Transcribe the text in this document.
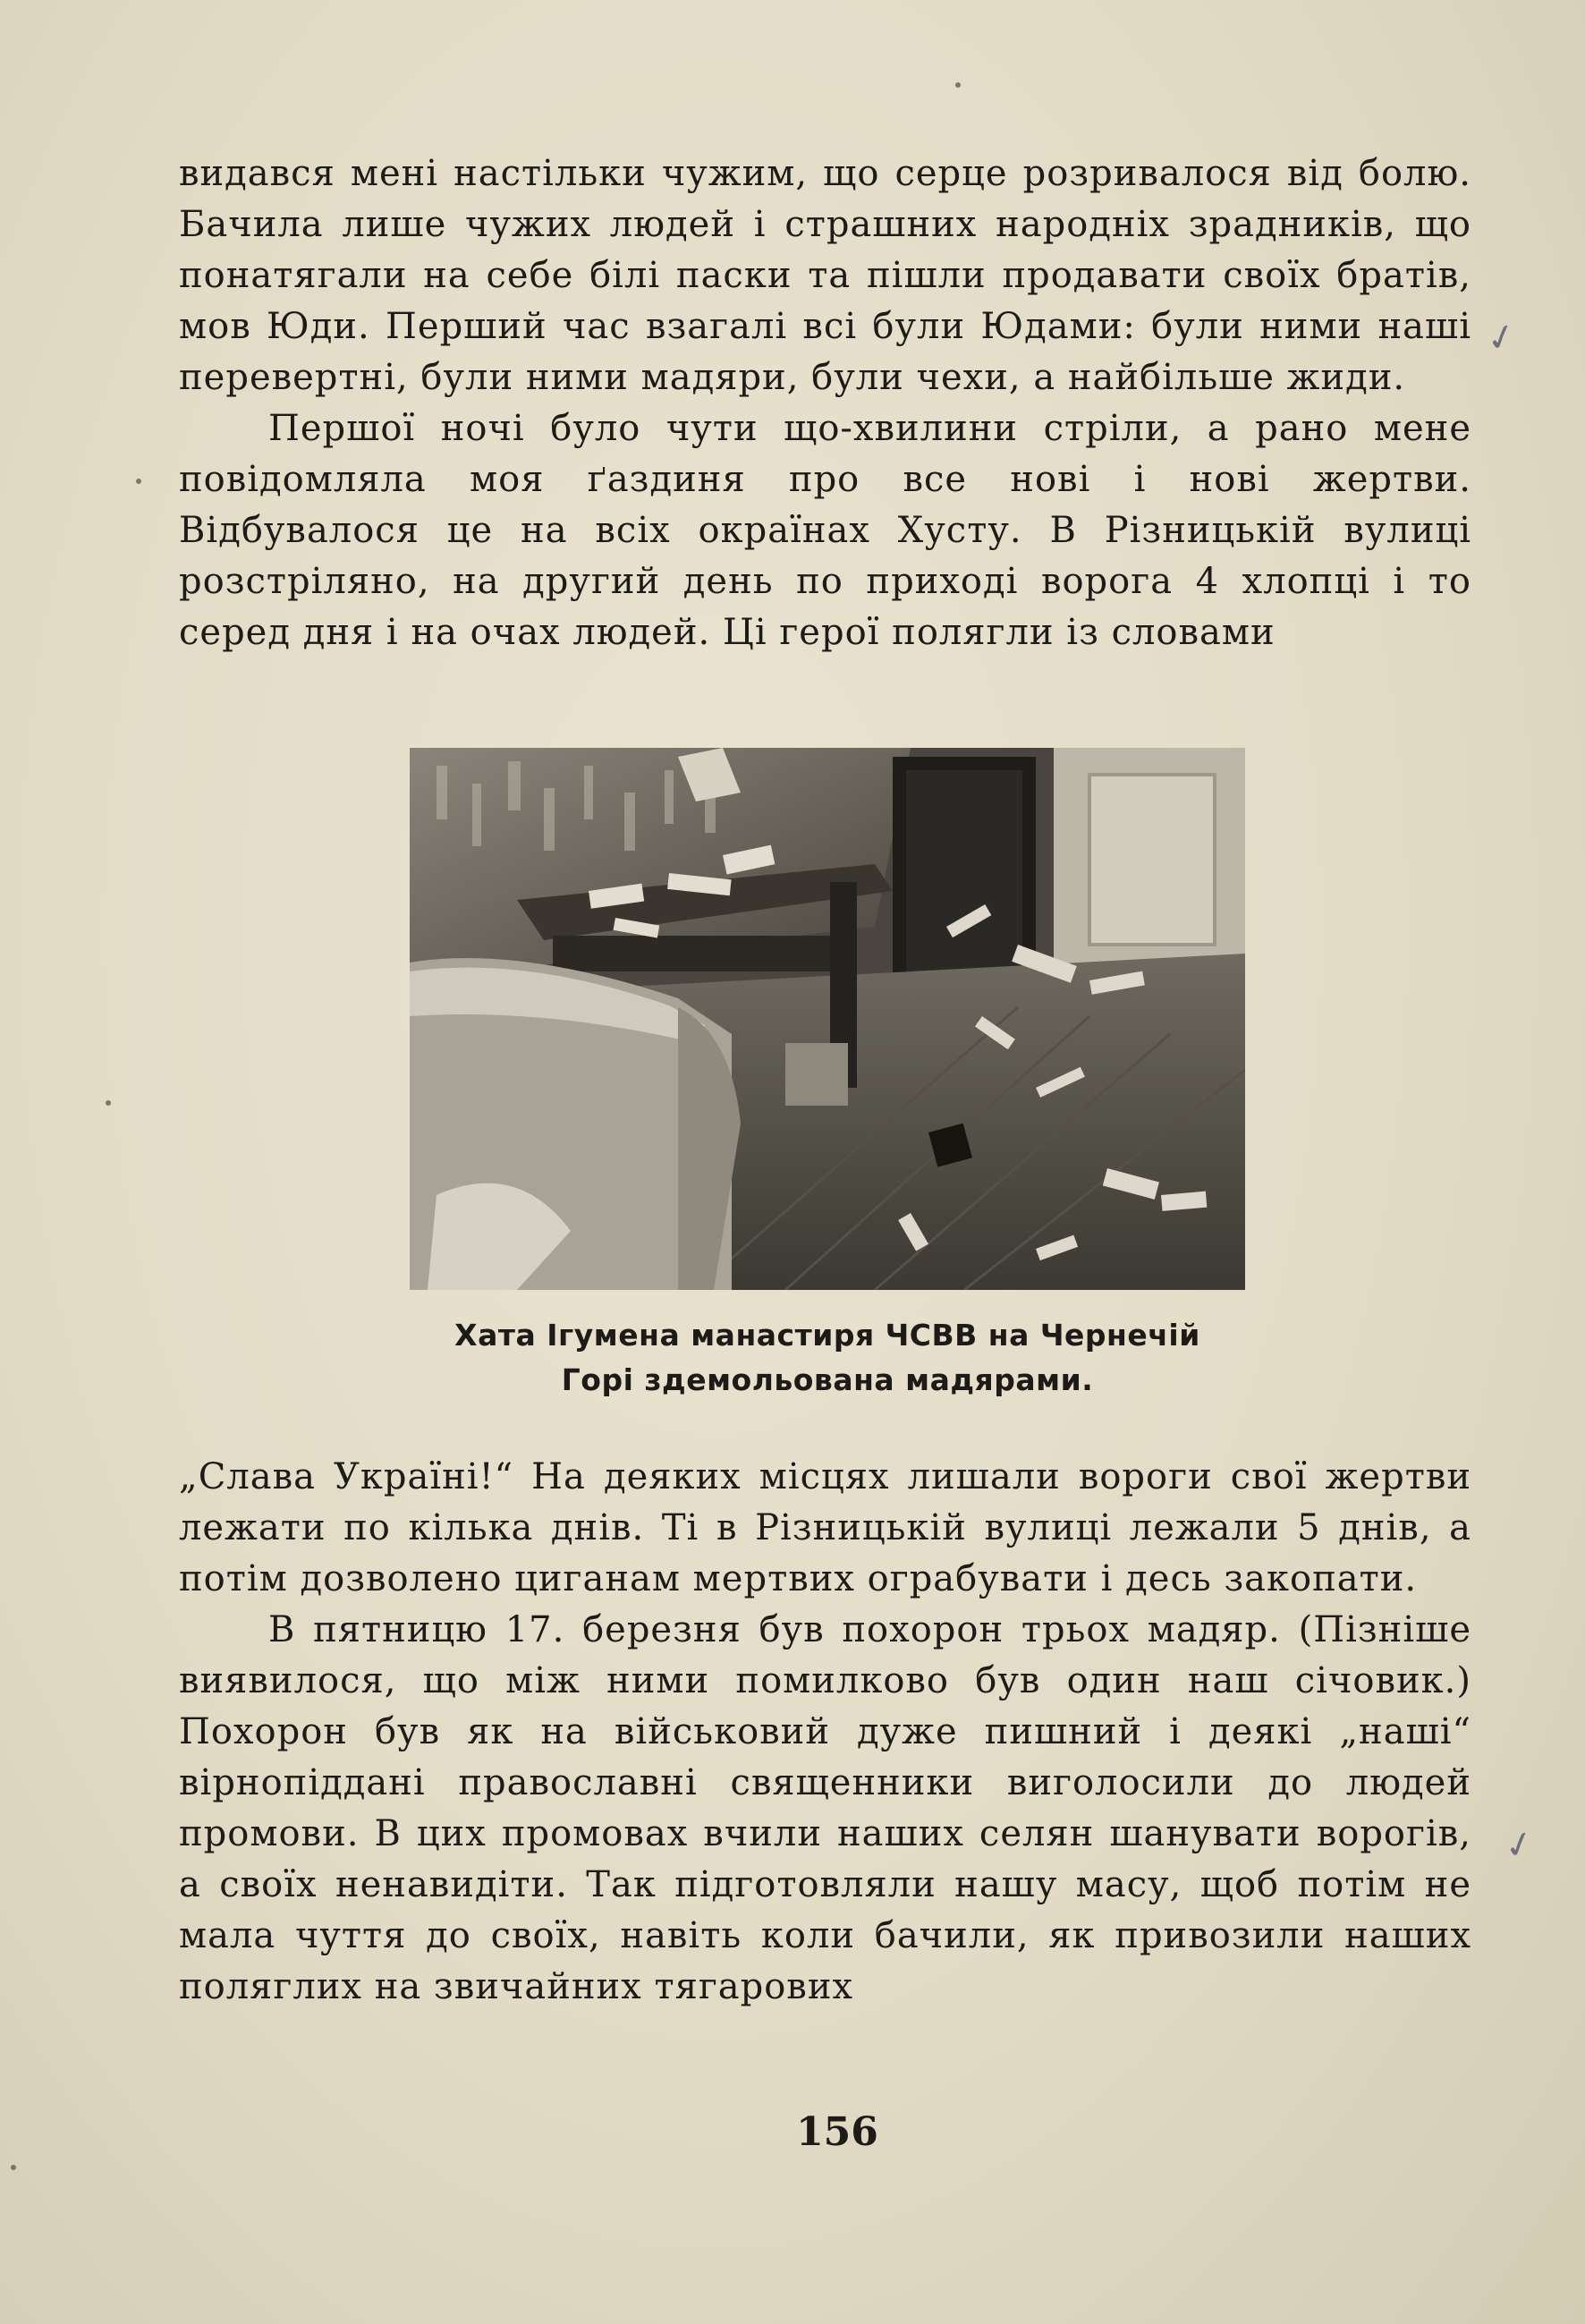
видався мені настільки чужим, що серце розривалося від болю. Бачила лише чужих людей і страшних народніх зрадників, що понатягали на себе білі паски та пішли продавати своїх братів, мов Юди. Перший час взагалі всі були Юдами: були ними наші перевертні, були ними мадяри, були чехи, а найбільше жиди.

Першої ночі було чути що-хвилини стріли, а рано мене повідомляла моя ґаздиня про все нові і нові жертви. Відбувалося це на всіх окраїнах Хусту. В Різницькій вулиці розстріляно, на другий день по приході ворога 4 хлопці і то серед дня і на очах людей. Ці герої полягли із словами

Хата Ігумена манастиря ЧСВВ на Чернечій
Горі здемольована мадярами.

„Слава Україні!“ На деяких місцях лишали вороги свої жертви лежати по кілька днів. Ті в Різницькій вулиці лежали 5 днів, а потім дозволено циганам мертвих ограбувати і десь закопати.

В пятницю 17. березня був похорон трьох мадяр. (Пізніше виявилося, що між ними помилково був один наш січовик.) Похорон був як на військовий дуже пишний і деякі „наші“ вірнопіддані православні священники виголосили до людей промови. В цих промовах вчили наших селян шанувати ворогів, а своїх ненавидіти. Так підготовляли нашу масу, щоб потім не мала чуття до своїх, навіть коли бачили, як привозили наших поляглих на звичайних тягарових

156
✓
✓
